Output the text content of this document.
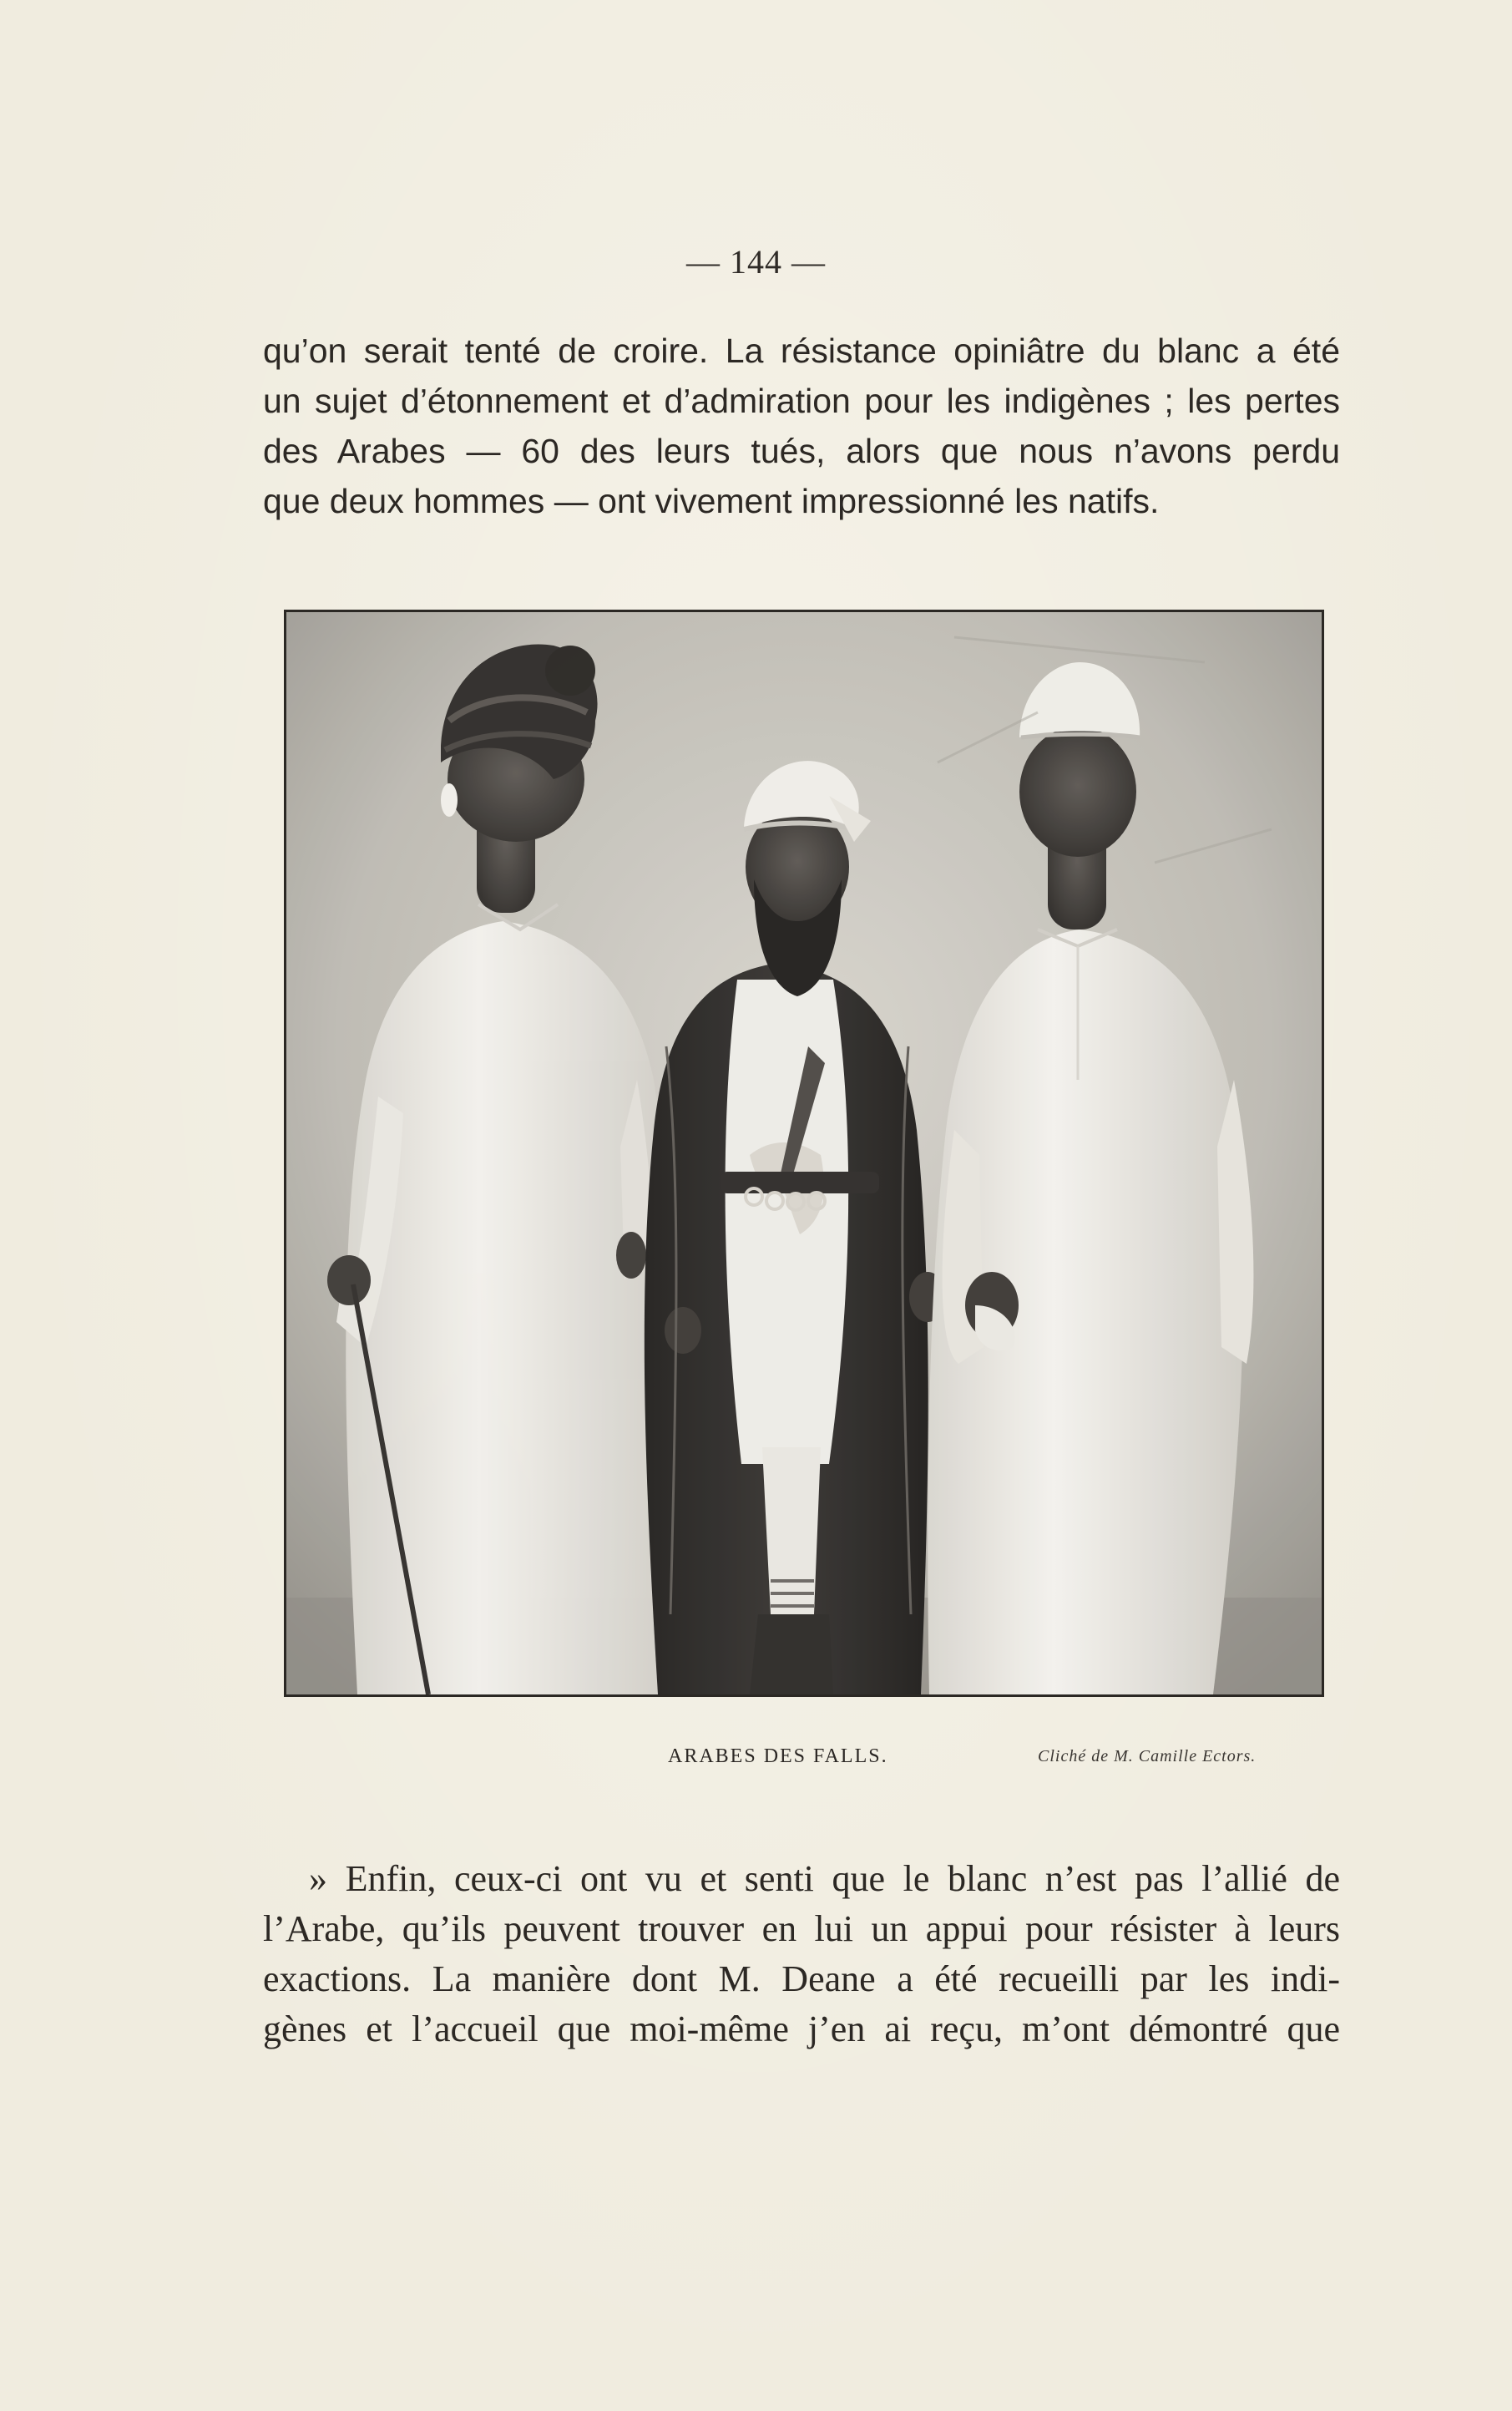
— 144 —

qu’on serait tenté de croire. La résistance opiniâtre du blanc a été
un sujet d’étonnement et d’admiration pour les indigènes ; les pertes
des Arabes — 60 des leurs tués, alors que nous n’avons perdu
que deux hommes — ont vivement impressionné les natifs.

ARABES DES FALLS.	Cliché de M. Camille Ectors.

» Enfin, ceux-ci ont vu et senti que le blanc n’est pas l’allié de
l’Arabe, qu’ils peuvent trouver en lui un appui pour résister à leurs
exactions. La manière dont M. Deane a été recueilli par les indi-
gènes et l’accueil que moi-même j’en ai reçu, m’ont démontré que
